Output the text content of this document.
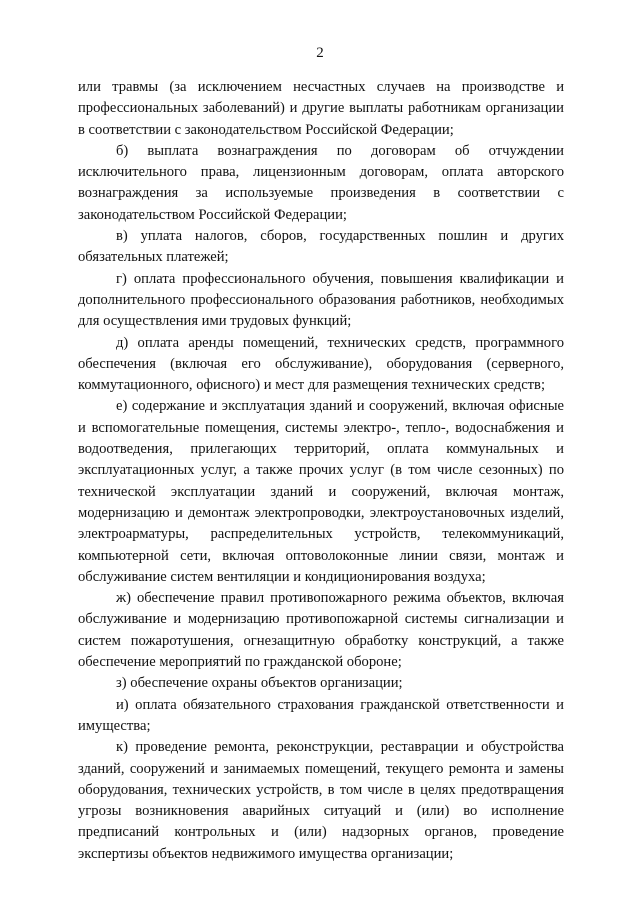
2

или травмы (за исключением несчастных случаев на производстве и профессиональных заболеваний) и другие выплаты работникам организации в соответствии с законодательством Российской Федерации;

б) выплата вознаграждения по договорам об отчуждении исключительного права, лицензионным договорам, оплата авторского вознаграждения за используемые произведения в соответствии с законодательством Российской Федерации;

в) уплата налогов, сборов, государственных пошлин и других обязательных платежей;

г) оплата профессионального обучения, повышения квалификации и дополнительного профессионального образования работников, необходимых для осуществления ими трудовых функций;

д) оплата аренды помещений, технических средств, программного обеспечения (включая его обслуживание), оборудования (серверного, коммутационного, офисного) и мест для размещения технических средств;

е) содержание и эксплуатация зданий и сооружений, включая офисные и вспомогательные помещения, системы электро-, тепло-, водоснабжения и водоотведения, прилегающих территорий, оплата коммунальных и эксплуатационных услуг, а также прочих услуг (в том числе сезонных) по технической эксплуатации зданий и сооружений, включая монтаж, модернизацию и демонтаж электропроводки, электроустановочных изделий, электроарматуры, распределительных устройств, телекоммуникаций, компьютерной сети, включая оптоволоконные линии связи, монтаж и обслуживание систем вентиляции и кондиционирования воздуха;

ж) обеспечение правил противопожарного режима объектов, включая обслуживание и модернизацию противопожарной системы сигнализации и систем пожаротушения, огнезащитную обработку конструкций, а также обеспечение мероприятий по гражданской обороне;

з) обеспечение охраны объектов организации;

и) оплата обязательного страхования гражданской ответственности и имущества;

к) проведение ремонта, реконструкции, реставрации и обустройства зданий, сооружений и занимаемых помещений, текущего ремонта и замены оборудования, технических устройств, в том числе в целях предотвращения угрозы возникновения аварийных ситуаций и (или) во исполнение предписаний контрольных и (или) надзорных органов, проведение экспертизы объектов недвижимого имущества организации;
